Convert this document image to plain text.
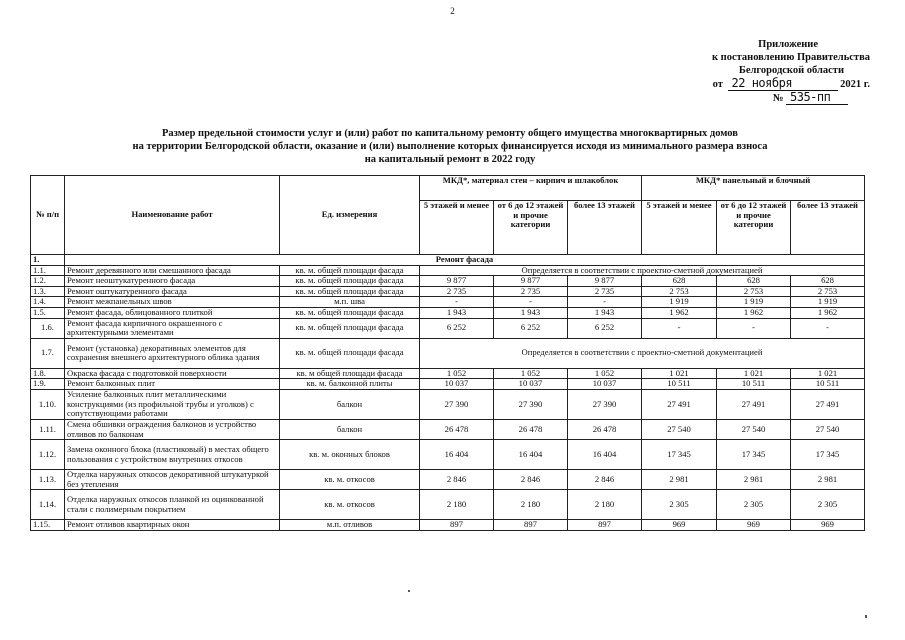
2
Приложение
к постановлению Правительства
Белгородской области
от 22 ноября	2021 г.
№ 535-пп
Размер предельной стоимости услуг и (или) работ по капитальному ремонту общего имущества многоквартирных домов
на территории Белгородской области, оказание и (или) выполнение которых финансируется исходя из минимального размера взноса
на капитальный ремонт в 2022 году
№ п/п	Наименование работ	Ед. измерения	МКД*, материал стен – кирпич и шлакоблок			МКД* панельный и блочный		
			5 этажей и менее	от 6 до 12 этажей и прочие категории	более 13 этажей	5 этажей и менее	от 6 до 12 этажей и прочие категории	более 13 этажей
1.	Ремонт фасада							
1.1.	Ремонт деревянного или смешанного фасада	кв. м. общей площади фасада	Определяется в соответствии с проектно-сметной документацией					
1.2.	Ремонт неоштукатуренного фасада	кв. м. общей площади фасада	9 877	9 877	9 877	628	628	628
1.3.	Ремонт оштукатуренного фасада	кв. м. общей площади фасада	2 735	2 735	2 735	2 753	2 753	2 753
1.4.	Ремонт межпанельных швов	м.п. шва	-	-	-	1 919	1 919	1 919
1.5.	Ремонт фасада, облицованного плиткой	кв. м. общей площади фасада	1 943	1 943	1 943	1 962	1 962	1 962
1.6.	Ремонт фасада кирпичного окрашенного с архитектурными элементами	кв. м. общей площади фасада	6 252	6 252	6 252	-	-	-
1.7.	Ремонт (установка) декоративных элементов для сохранения внешнего архитектурного облика здания	кв. м. общей площади фасада	Определяется в соответствии с проектно-сметной документацией					
1.8.	Окраска фасада с подготовкой поверхности	кв. м общей площади фасада	1 052	1 052	1 052	1 021	1 021	1 021
1.9.	Ремонт балконных плит	кв. м. балконной плиты	10 037	10 037	10 037	10 511	10 511	10 511
1.10.	Усиление балконных плит металлическими конструкциями (из профильной трубы и уголков) с сопутствующими работами	балкон	27 390	27 390	27 390	27 491	27 491	27 491
1.11.	Смена обшивки ограждения балконов и устройство отливов по балконам	балкон	26 478	26 478	26 478	27 540	27 540	27 540
1.12.	Замена оконного блока (пластиковый) в местах общего пользования с устройством внутренних откосов	кв. м. оконных блоков	16 404	16 404	16 404	17 345	17 345	17 345
1.13.	Отделка наружных откосов декоративной штукатуркой без утепления	кв. м. откосов	2 846	2 846	2 846	2 981	2 981	2 981
1.14.	Отделка наружных откосов планкой из оцинкованной стали с полимерным покрытием	кв. м. откосов	2 180	2 180	2 180	2 305	2 305	2 305
1.15.	Ремонт отливов квартирных окон	м.п. отливов	897	897	897	969	969	969
